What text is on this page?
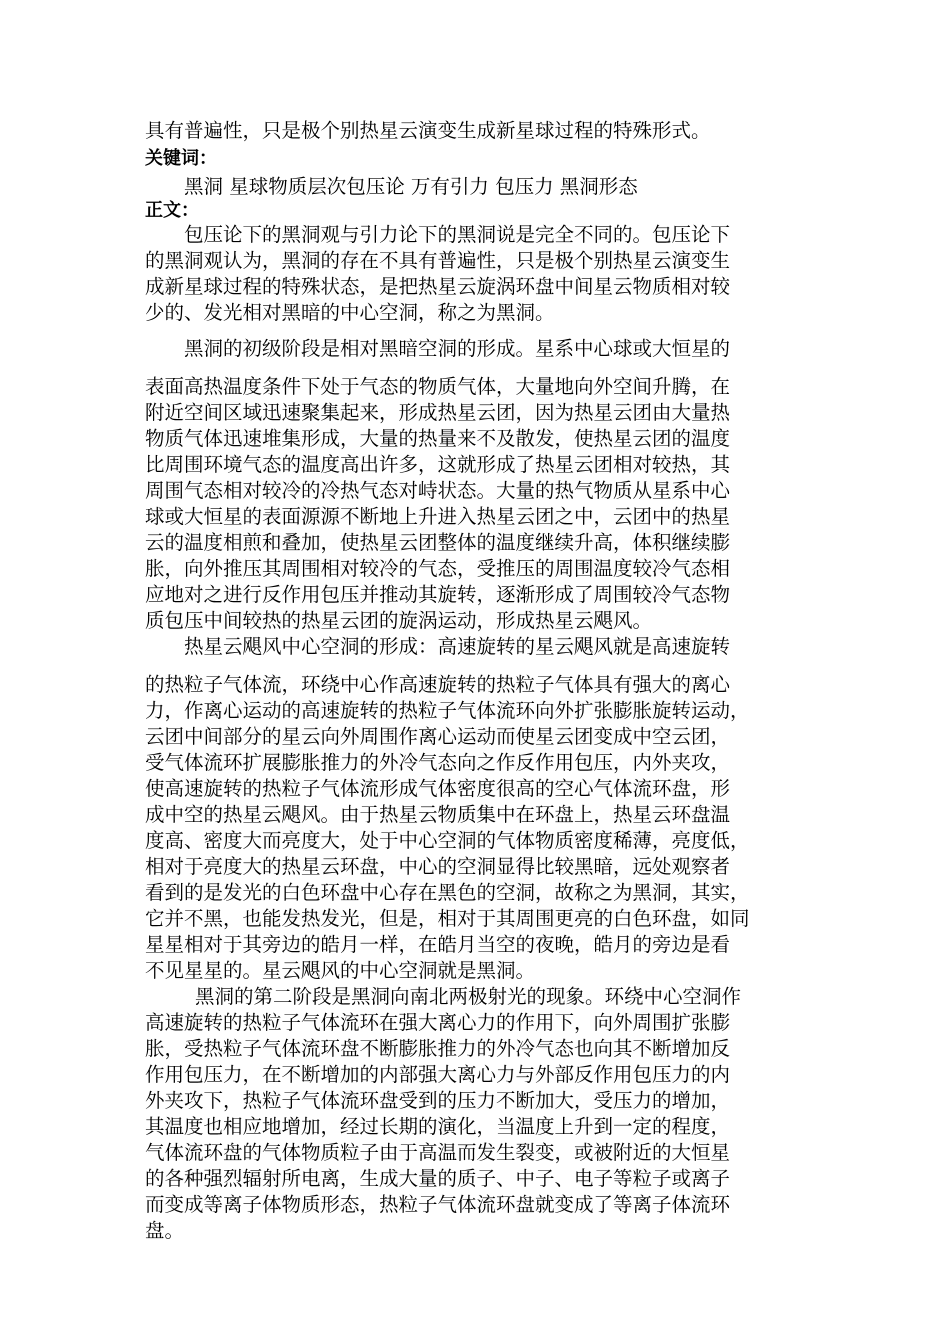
具有普遍性，只是极个别热星云演变生成新星球过程的特殊形式。
关键词：
黑洞 星球物质层次包压论 万有引力 包压力 黑洞形态
正文：
包压论下的黑洞观与引力论下的黑洞说是完全不同的。包压论下
的黑洞观认为，黑洞的存在不具有普遍性，只是极个别热星云演变生
成新星球过程的特殊状态，是把热星云旋涡环盘中间星云物质相对较
少的、发光相对黑暗的中心空洞，称之为黑洞。
黑洞的初级阶段是相对黑暗空洞的形成。星系中心球或大恒星的
表面高热温度条件下处于气态的物质气体，大量地向外空间升腾，在
附近空间区域迅速聚集起来，形成热星云团，因为热星云团由大量热
物质气体迅速堆集形成，大量的热量来不及散发，使热星云团的温度
比周围环境气态的温度高出许多，这就形成了热星云团相对较热，其
周围气态相对较冷的冷热气态对峙状态。大量的热气物质从星系中心
球或大恒星的表面源源不断地上升进入热星云团之中，云团中的热星
云的温度相煎和叠加，使热星云团整体的温度继续升高，体积继续膨
胀，向外推压其周围相对较冷的气态，受推压的周围温度较冷气态相
应地对之进行反作用包压并推动其旋转，逐渐形成了周围较冷气态物
质包压中间较热的热星云团的旋涡运动，形成热星云飓风。
热星云飓风中心空洞的形成：高速旋转的星云飓风就是高速旋转
的热粒子气体流，环绕中心作高速旋转的热粒子气体具有强大的离心
力，作离心运动的高速旋转的热粒子气体流环向外扩张膨胀旋转运动，
云团中间部分的星云向外周围作离心运动而使星云团变成中空云团，
受气体流环扩展膨胀推力的外冷气态向之作反作用包压，内外夹攻，
使高速旋转的热粒子气体流形成气体密度很高的空心气体流环盘，形
成中空的热星云飓风。由于热星云物质集中在环盘上，热星云环盘温
度高、密度大而亮度大，处于中心空洞的气体物质密度稀薄，亮度低，
相对于亮度大的热星云环盘，中心的空洞显得比较黑暗，远处观察者
看到的是发光的白色环盘中心存在黑色的空洞，故称之为黑洞，其实，
它并不黑，也能发热发光，但是，相对于其周围更亮的白色环盘，如同
星星相对于其旁边的皓月一样，在皓月当空的夜晚，皓月的旁边是看
不见星星的。星云飓风的中心空洞就是黑洞。
黑洞的第二阶段是黑洞向南北两极射光的现象。环绕中心空洞作
高速旋转的热粒子气体流环在强大离心力的作用下，向外周围扩张膨
胀，受热粒子气体流环盘不断膨胀推力的外冷气态也向其不断增加反
作用包压力，在不断增加的内部强大离心力与外部反作用包压力的内
外夹攻下，热粒子气体流环盘受到的压力不断加大，受压力的增加，
其温度也相应地增加，经过长期的演化，当温度上升到一定的程度，
气体流环盘的气体物质粒子由于高温而发生裂变，或被附近的大恒星
的各种强烈辐射所电离，生成大量的质子、中子、电子等粒子或离子
而变成等离子体物质形态，热粒子气体流环盘就变成了等离子体流环
盘。
